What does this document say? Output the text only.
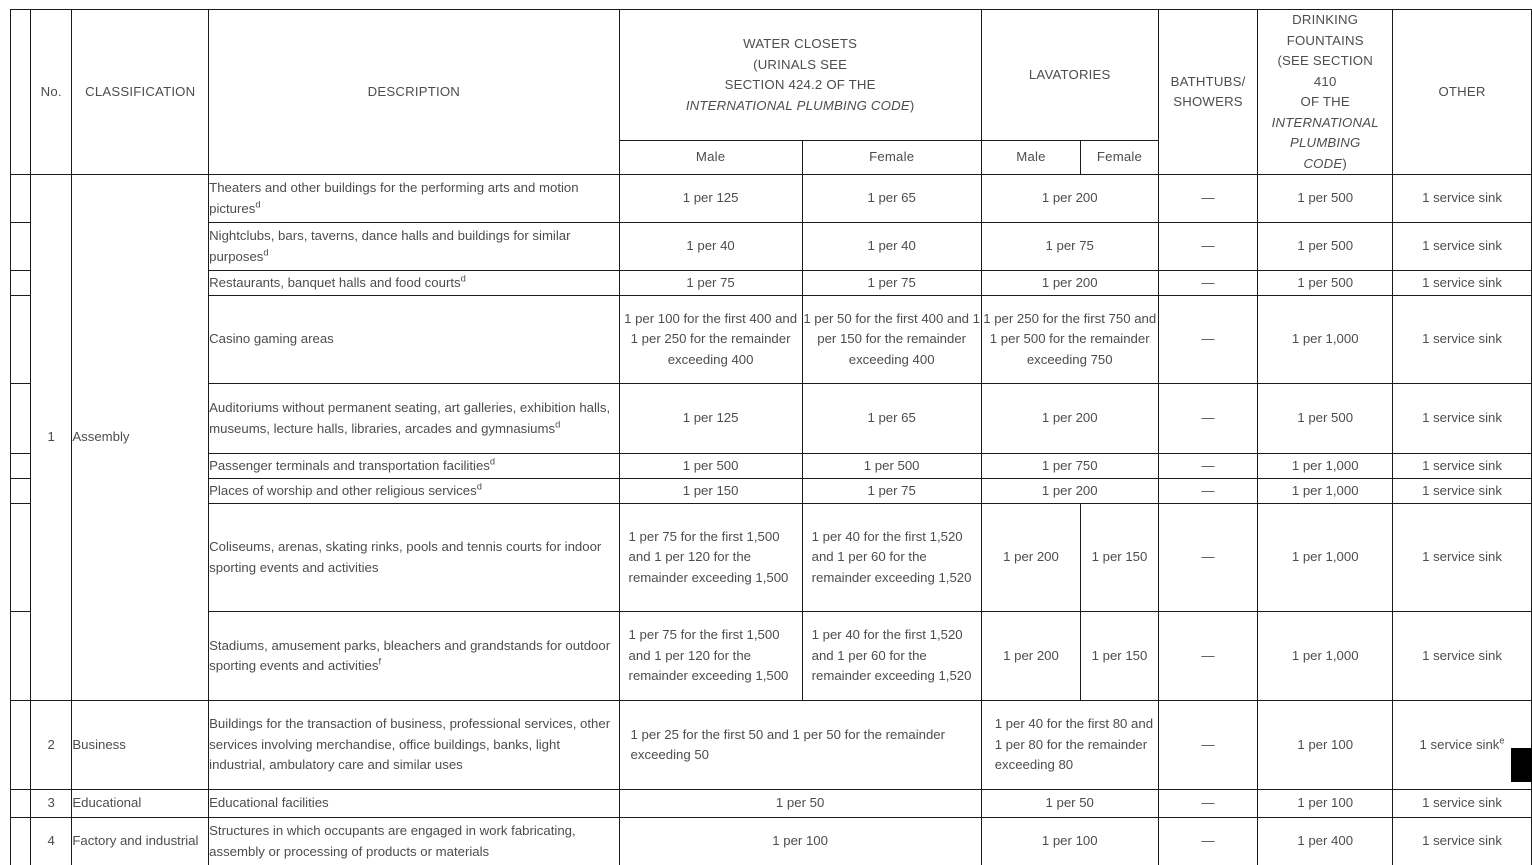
	No.	CLASSIFICATION	DESCRIPTION	WATER CLOSETS
(URINALS SEE
SECTION 424.2 OF THE
INTERNATIONAL PLUMBING CODE)	LAVATORIES	BATHTUBS/
SHOWERS	DRINKING
FOUNTAINS
(SEE SECTION
410
OF THE
INTERNATIONAL
PLUMBING
CODE)	OTHER
				Male	Female	Male	Female			
	1	Assembly	Theaters and other buildings for the performing arts and motion pictures$^d$	1 per 125	1 per 65	1 per 200		—	1 per 500	1 service sink
			Nightclubs, bars, taverns, dance halls and buildings for similar purposes$^d$	1 per 40	1 per 40	1 per 75		—	1 per 500	1 service sink
			Restaurants, banquet halls and food courts$^d$	1 per 75	1 per 75	1 per 200		—	1 per 500	1 service sink
			Casino gaming areas	1 per 100 for the first 400 and 1 per 250 for the remainder exceeding 400	1 per 50 for the first 400 and 1 per 150 for the remainder exceeding 400	1 per 250 for the first 750 and 1 per 500 for the remainder exceeding 750		—	1 per 1,000	1 service sink
			Auditoriums without permanent seating, art galleries, exhibition halls, museums, lecture halls, libraries, arcades and gymnasiums$^d$	1 per 125	1 per 65	1 per 200		—	1 per 500	1 service sink
			Passenger terminals and transportation facilities$^d$	1 per 500	1 per 500	1 per 750		—	1 per 1,000	1 service sink
			Places of worship and other religious services$^d$	1 per 150	1 per 75	1 per 200		—	1 per 1,000	1 service sink
			Coliseums, arenas, skating rinks, pools and tennis courts for indoor sporting events and activities	1 per 75 for the first 1,500 and 1 per 120 for the remainder exceeding 1,500	1 per 40 for the first 1,520 and 1 per 60 for the remainder exceeding 1,520	1 per 200	1 per 150	—	1 per 1,000	1 service sink
			Stadiums, amusement parks, bleachers and grandstands for outdoor sporting events and activities$^f$	1 per 75 for the first 1,500 and 1 per 120 for the remainder exceeding 1,500	1 per 40 for the first 1,520 and 1 per 60 for the remainder exceeding 1,520	1 per 200	1 per 150	—	1 per 1,000	1 service sink
	2	Business	Buildings for the transaction of business, professional services, other services involving merchandise, office buildings, banks, light industrial, ambulatory care and similar uses	1 per 25 for the first 50 and 1 per 50 for the remainder exceeding 50		1 per 40 for the first 80 and 1 per 80 for the remainder exceeding 80		—	1 per 100	1 service sink$^e$
	3	Educational	Educational facilities	1 per 50		1 per 50		—	1 per 100	1 service sink
	4	Factory and industrial	Structures in which occupants are engaged in work fabricating, assembly or processing of products or materials	1 per 100		1 per 100		—	1 per 400	1 service sink
